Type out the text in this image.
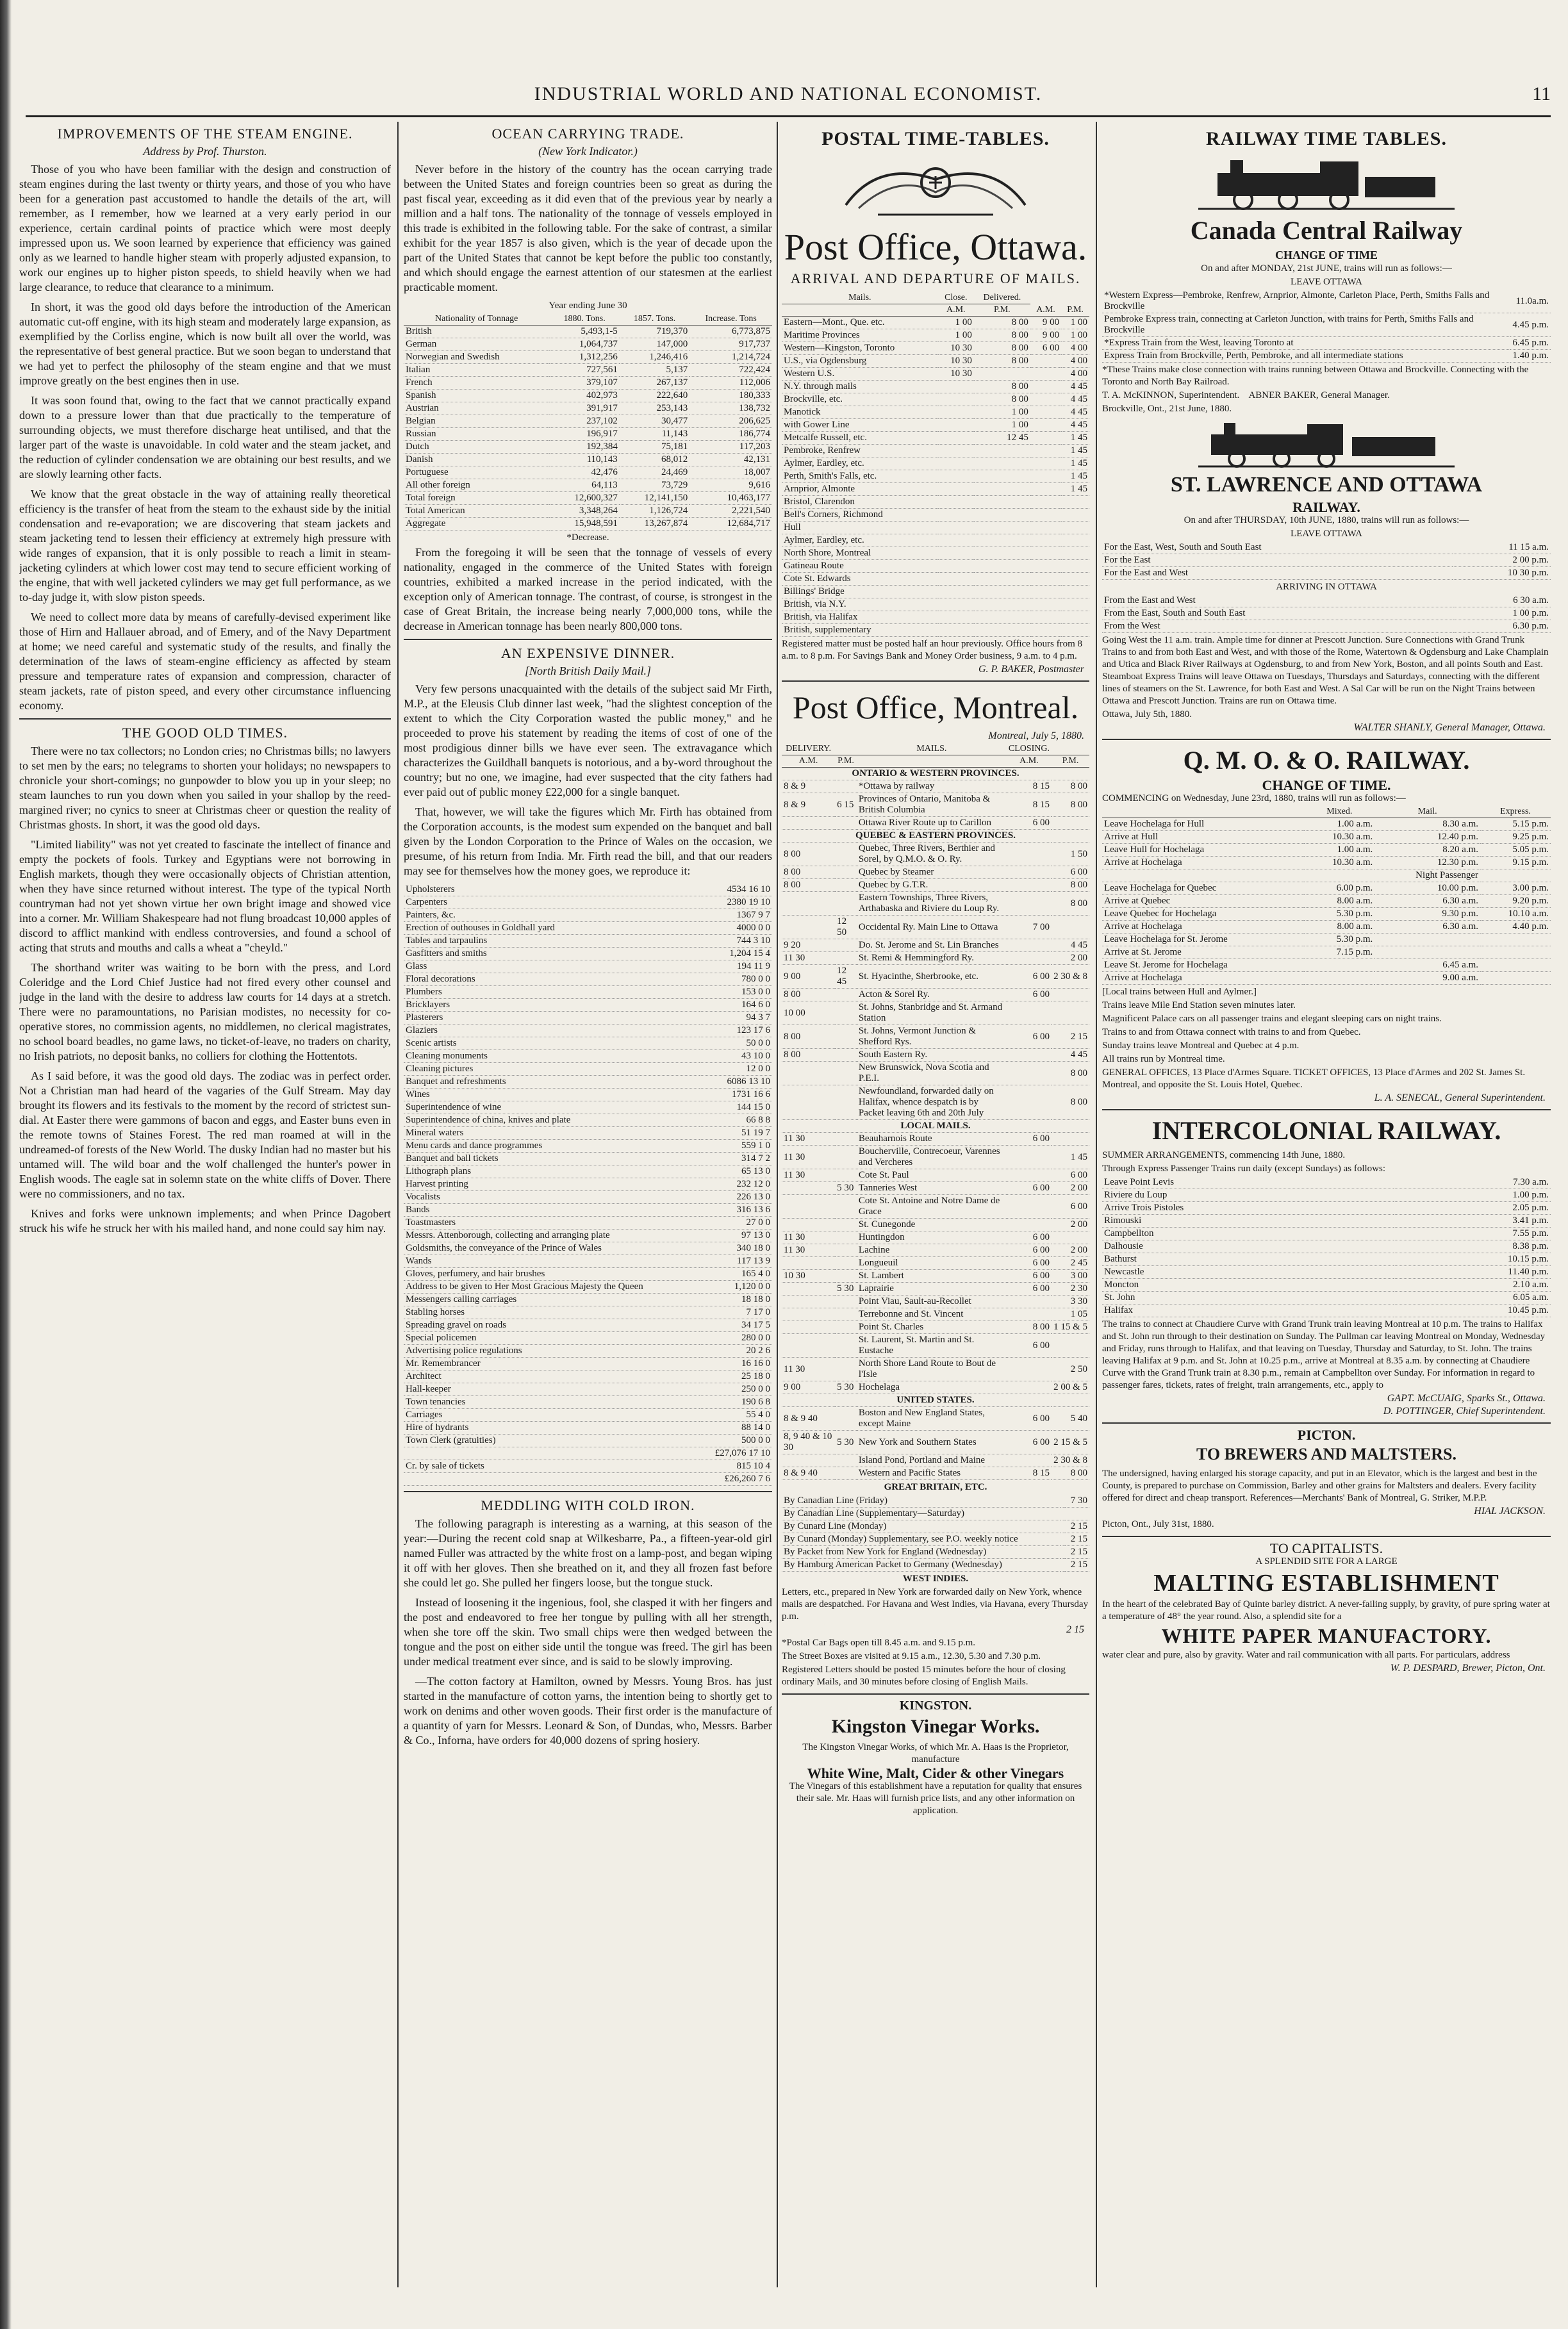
INDUSTRIAL WORLD AND NATIONAL ECONOMIST.	11
IMPROVEMENTS OF THE STEAM ENGINE.
Address by Prof. Thurston.

Those of you who have been familiar with the design and construction of steam engines during the last twenty or thirty years, and those of you who have been for a generation past accustomed to handle the details of the art, will remember, as I remember, how we learned at a very early period in our experience, certain cardinal points of practice which were most deeply impressed upon us. We soon learned by experience that efficiency was gained only as we learned to handle higher steam with properly adjusted expansion, to work our engines up to higher piston speeds, to shield heavily when we had large clearance, to reduce that clearance to a minimum.

In short, it was the good old days before the introduction of the American automatic cut-off engine, with its high steam and moderately large expansion, as exemplified by the Corliss engine, which is now built all over the world, was the representative of best general practice. But we soon began to understand that we had yet to perfect the philosophy of the steam engine and that we must improve greatly on the best engines then in use.

It was soon found that, owing to the fact that we cannot practically expand down to a pressure lower than that due practically to the temperature of surrounding objects, we must therefore discharge heat untilised, and that the larger part of the waste is unavoidable. In cold water and the steam jacket, and the reduction of cylinder condensation we are obtaining our best results, and we are slowly learning other facts.

We know that the great obstacle in the way of attaining really theoretical efficiency is the transfer of heat from the steam to the exhaust side by the initial condensation and re-evaporation; we are discovering that steam jackets and steam jacketing tend to lessen their efficiency at extremely high pressure with wide ranges of expansion, that it is only possible to reach a limit in steam-jacketing cylinders at which lower cost may tend to secure efficient working of the engine, that with well jacketed cylinders we may get full performance, as we to-day judge it, with slow piston speeds.

We need to collect more data by means of carefully-devised experiment like those of Hirn and Hallauer abroad, and of Emery, and of the Navy Department at home; we need careful and systematic study of the results, and finally the determination of the laws of steam-engine efficiency as affected by steam pressure and temperature rates of expansion and compression, character of steam jackets, rate of piston speed, and every other circumstance influencing economy.

THE GOOD OLD TIMES.

There were no tax collectors; no London cries; no Christmas bills; no lawyers to set men by the ears; no telegrams to shorten your holidays; no newspapers to chronicle your short-comings; no gunpowder to blow you up in your sleep; no steam launches to run you down when you sailed in your shallop by the reed-margined river; no cynics to sneer at Christmas cheer or question the reality of Christmas ghosts. In short, it was the good old days.

"Limited liability" was not yet created to fascinate the intellect of finance and empty the pockets of fools. Turkey and Egyptians were not borrowing in English markets, though they were occasionally objects of Christian attention, when they have since returned without interest. The type of the typical North countryman had not yet shown virtue her own bright image and showed vice into a corner. Mr. William Shakespeare had not flung broadcast 10,000 apples of discord to afflict mankind with endless controversies, and found a school of acting that struts and mouths and calls a wheat a "cheyld."

The shorthand writer was waiting to be born with the press, and Lord Coleridge and the Lord Chief Justice had not fired every other counsel and judge in the land with the desire to address law courts for 14 days at a stretch. There were no paramountations, no Parisian modistes, no necessity for co-operative stores, no commission agents, no middlemen, no clerical magistrates, no school board beadles, no game laws, no ticket-of-leave, no traders on charity, no Irish patriots, no deposit banks, no colliers for clothing the Hottentots.

As I said before, it was the good old days. The zodiac was in perfect order. Not a Christian man had heard of the vagaries of the Gulf Stream. May day brought its flowers and its festivals to the moment by the record of strictest sun-dial. At Easter there were gammons of bacon and eggs, and Easter buns even in the remote towns of Staines Forest. The red man roamed at will in the undreamed-of forests of the New World. The dusky Indian had no master but his untamed will. The wild boar and the wolf challenged the hunter's power in English woods. The eagle sat in solemn state on the white cliffs of Dover. There were no commissioners, and no tax.

Knives and forks were unknown implements; and when Prince Dagobert struck his wife he struck her with his mailed hand, and none could say him nay.

OCEAN CARRYING TRADE.
(New York Indicator.)

Never before in the history of the country has the ocean carrying trade between the United States and foreign countries been so great as during the past fiscal year, exceeding as it did even that of the previous year by nearly a million and a half tons. The nationality of the tonnage of vessels employed in this trade is exhibited in the following table. For the sake of contrast, a similar exhibit for the year 1857 is also given, which is the year of decade upon the part of the United States that cannot be kept before the public too constantly, and which should engage the earnest attention of our statesmen at the earliest practicable moment.

Year ending June 30
Nationality of Tonnage	1880. Tons.	1857. Tons.	Increase. Tons
British	5,493,1-5	719,370	6,773,875
German	1,064,737	147,000	917,737
Norwegian and Swedish	1,312,256	1,246,416	1,214,724
Italian	727,561	5,137	722,424
French	379,107	267,137	112,006
Spanish	402,973	222,640	180,333
Austrian	391,917	253,143	138,732
Belgian	237,102	30,477	206,625
Russian	196,917	11,143	186,774
Dutch	192,384	75,181	117,203
Danish	110,143	68,012	42,131
Portuguese	42,476	24,469	18,007
All other foreign	64,113	73,729	9,616
Total foreign	12,600,327	12,141,150	10,463,177
Total American	3,348,264	1,126,724	2,221,540
Aggregate	15,948,591	13,267,874	12,684,717
*Decrease.

From the foregoing it will be seen that the tonnage of vessels of every nationality, engaged in the commerce of the United States with foreign countries, exhibited a marked increase in the period indicated, with the exception only of American tonnage. The contrast, of course, is strongest in the case of Great Britain, the increase being nearly 7,000,000 tons, while the decrease in American tonnage has been nearly 800,000 tons.

AN EXPENSIVE DINNER.
[North British Daily Mail.]

Very few persons unacquainted with the details of the subject said Mr Firth, M.P., at the Eleusis Club dinner last week, "had the slightest conception of the extent to which the City Corporation wasted the public money," and he proceeded to prove his statement by reading the items of cost of one of the most prodigious dinner bills we have ever seen. The extravagance which characterizes the Guildhall banquets is notorious, and a by-word throughout the country; but no one, we imagine, had ever suspected that the city fathers had ever paid out of public money £22,000 for a single banquet.

That, however, we will take the figures which Mr. Firth has obtained from the Corporation accounts, is the modest sum expended on the banquet and ball given by the London Corporation to the Prince of Wales on the occasion, we presume, of his return from India. Mr. Firth read the bill, and that our readers may see for themselves how the money goes, we reproduce it:

Upholsterers	4534 16 10
Carpenters	2380 19 10
Painters, &c.	1367 9 7
Erection of outhouses in Goldhall yard	4000 0 0
Tables and tarpaulins	744 3 10
Gasfitters and smiths	1,204 15 4
Glass	194 11 9
Floral decorations	780 0 0
Plumbers	153 0 0
Bricklayers	164 6 0
Plasterers	94 3 7
Glaziers	123 17 6
Scenic artists	50 0 0
Cleaning monuments	43 10 0
Cleaning pictures	12 0 0
Banquet and refreshments	6086 13 10
Wines	1731 16 6
Superintendence of wine	144 15 0
Superintendence of china, knives and plate	66 8 8
Mineral waters	51 19 7
Menu cards and dance programmes	559 1 0
Banquet and ball tickets	314 7 2
Lithograph plans	65 13 0
Harvest printing	232 12 0
Vocalists	226 13 0
Bands	316 13 6
Toastmasters	27 0 0
Messrs. Attenborough, collecting and arranging plate	97 13 0
Goldsmiths, the conveyance of the Prince of Wales	340 18 0
Wands	117 13 9
Gloves, perfumery, and hair brushes	165 4 0
Address to be given to Her Most Gracious Majesty the Queen	1,120 0 0
Messengers calling carriages	18 18 0
Stabling horses	7 17 0
Spreading gravel on roads	34 17 5
Special policemen	280 0 0
Advertising police regulations	20 2 6
Mr. Remembrancer	16 16 0
Architect	25 18 0
Hall-keeper	250 0 0
Town tenancies	190 6 8
Carriages	55 4 0
Hire of hydrants	88 14 0
Town Clerk (gratuities)	500 0 0
	£27,076 17 10
Cr. by sale of tickets	815 10 4
	£26,260 7 6
MEDDLING WITH COLD IRON.

The following paragraph is interesting as a warning, at this season of the year:—During the recent cold snap at Wilkesbarre, Pa., a fifteen-year-old girl named Fuller was attracted by the white frost on a lamp-post, and began wiping it off with her gloves. Then she breathed on it, and they all frozen fast before she could let go. She pulled her fingers loose, but the tongue stuck.

Instead of loosening it the ingenious, fool, she clasped it with her fingers and the post and endeavored to free her tongue by pulling with all her strength, when she tore off the skin. Two small chips were then wedged between the tongue and the post on either side until the tongue was freed. The girl has been under medical treatment ever since, and is said to be slowly improving.

—The cotton factory at Hamilton, owned by Messrs. Young Bros. has just started in the manufacture of cotton yarns, the intention being to shortly get to work on denims and other woven goods. Their first order is the manufacture of a quantity of yarn for Messrs. Leonard & Son, of Dundas, who, Messrs. Barber & Co., Inforna, have orders for 40,000 dozens of spring hosiery.

POSTAL TIME-TABLES.
Post Office, Ottawa.
ARRIVAL AND DEPARTURE OF MAILS.
Mails.	Close.	Delivered.		
	A.M.	P.M.	A.M.	P.M.
Eastern—Mont., Que. etc.	1 00	8 00	9 00	1 00
Maritime Provinces	1 00	8 00	9 00	1 00
Western—Kingston, Toronto	10 30	8 00	6 00	4 00
U.S., via Ogdensburg	10 30	8 00		4 00
Western U.S.	10 30			4 00
N.Y. through mails		8 00		4 45
Brockville, etc.		8 00		4 45
Manotick		1 00		4 45
with Gower Line		1 00		4 45
Metcalfe Russell, etc.		12 45		1 45
Pembroke, Renfrew				1 45
Aylmer, Eardley, etc.				1 45
Perth, Smith's Falls, etc.				1 45
Arnprior, Almonte				1 45
Bristol, Clarendon				
Bell's Corners, Richmond				
Hull				
Aylmer, Eardley, etc.				
North Shore, Montreal				
Gatineau Route				
Cote St. Edwards				
Billings' Bridge				
British, via N.Y.				
British, via Halifax				
British, supplementary				
Registered matter must be posted half an hour previously. Office hours from 8 a.m. to 8 p.m. For Savings Bank and Money Order business, 9 a.m. to 4 p.m.
G. P. BAKER, Postmaster
Post Office, Montreal.
Montreal, July 5, 1880.
DELIVERY.		MAILS.	CLOSING.	
A.M.	P.M.		A.M.	P.M.
ONTARIO & WESTERN PROVINCES.				
8 & 9		*Ottawa by railway	8 15	8 00
8 & 9	6 15	Provinces of Ontario, Manitoba & British Columbia	8 15	8 00
		Ottawa River Route up to Carillon	6 00	
QUEBEC & EASTERN PROVINCES.				
8 00		Quebec, Three Rivers, Berthier and Sorel, by Q.M.O. & O. Ry.		1 50
8 00		Quebec by Steamer		6 00
8 00		Quebec by G.T.R.		8 00
		Eastern Townships, Three Rivers, Arthabaska and Riviere du Loup Ry.		8 00
	12 50	Occidental Ry. Main Line to Ottawa	7 00	
9 20		Do. St. Jerome and St. Lin Branches		4 45
11 30		St. Remi & Hemmingford Ry.		2 00
9 00	12 45	St. Hyacinthe, Sherbrooke, etc.	6 00	2 30 & 8
8 00		Acton & Sorel Ry.	6 00	
10 00		St. Johns, Stanbridge and St. Armand Station		
8 00		St. Johns, Vermont Junction & Shefford Rys.	6 00	2 15
8 00		South Eastern Ry.		4 45
		New Brunswick, Nova Scotia and P.E.I.		8 00
		Newfoundland, forwarded daily on Halifax, whence despatch is by Packet leaving 6th and 20th July		8 00
LOCAL MAILS.				
11 30		Beauharnois Route	6 00	
11 30		Boucherville, Contrecoeur, Varennes and Vercheres		1 45
11 30		Cote St. Paul		6 00
	5 30	Tanneries West	6 00	2 00
		Cote St. Antoine and Notre Dame de Grace		6 00
		St. Cunegonde		2 00
11 30		Huntingdon	6 00	
11 30		Lachine	6 00	2 00
		Longueuil	6 00	2 45
10 30		St. Lambert	6 00	3 00
	5 30	Laprairie	6 00	2 30
		Point Viau, Sault-au-Recollet		3 30
		Terrebonne and St. Vincent		1 05
		Point St. Charles	8 00	1 15 & 5
		St. Laurent, St. Martin and St. Eustache	6 00	
11 30		North Shore Land Route to Bout de l'Isle		2 50
9 00	5 30	Hochelaga		2 00 & 5
UNITED STATES.				
8 & 9 40		Boston and New England States, except Maine	6 00	5 40
8, 9 40 & 10 30	5 30	New York and Southern States	6 00	2 15 & 5
		Island Pond, Portland and Maine		2 30 & 8
8 & 9 40		Western and Pacific States	8 15	8 00
GREAT BRITAIN, ETC.
By Canadian Line (Friday)		7 30
By Canadian Line (Supplementary—Saturday)		
By Cunard Line (Monday)		2 15
By Cunard (Monday) Supplementary, see P.O. weekly notice		2 15
By Packet from New York for England (Wednesday)		2 15
By Hamburg American Packet to Germany (Wednesday)		2 15
WEST INDIES.
Letters, etc., prepared in New York are forwarded daily on New York, whence mails are despatched. For Havana and West Indies, via Havana, every Thursday p.m.
2 15
*Postal Car Bags open till 8.45 a.m. and 9.15 p.m.
The Street Boxes are visited at 9.15 a.m., 12.30, 5.30 and 7.30 p.m.
Registered Letters should be posted 15 minutes before the hour of closing ordinary Mails, and 30 minutes before closing of English Mails.
KINGSTON.
Kingston Vinegar Works.
The Kingston Vinegar Works, of which Mr. A. Haas is the Proprietor, manufacture
White Wine, Malt, Cider & other Vinegars
The Vinegars of this establishment have a reputation for quality that ensures their sale. Mr. Haas will furnish price lists, and any other information on application.
RAILWAY TIME TABLES.
Canada Central Railway
CHANGE OF TIME
On and after MONDAY, 21st JUNE, trains will run as follows:—
LEAVE OTTAWA
*Western Express—Pembroke, Renfrew, Arnprior, Almonte, Carleton Place, Perth, Smiths Falls and Brockville	11.0a.m.
Pembroke Express train, connecting at Carleton Junction, with trains for Perth, Smiths Falls and Brockville	4.45 p.m.
*Express Train from the West, leaving Toronto at	6.45 p.m.
Express Train from Brockville, Perth, Pembroke, and all intermediate stations	1.40 p.m.
*These Trains make close connection with trains running between Ottawa and Brockville. Connecting with the Toronto and North Bay Railroad.
T. A. McKINNON, Superintendent. ABNER BAKER, General Manager.
Brockville, Ont., 21st June, 1880.
ST. LAWRENCE AND OTTAWA
RAILWAY.
On and after THURSDAY, 10th JUNE, 1880, trains will run as follows:—
LEAVE OTTAWA
For the East, West, South and South East	11 15 a.m.
For the East	2 00 p.m.
For the East and West	10 30 p.m.
ARRIVING IN OTTAWA
From the East and West	6 30 a.m.
From the East, South and South East	1 00 p.m.
From the West	6.30 p.m.
Going West the 11 a.m. train. Ample time for dinner at Prescott Junction. Sure Connections with Grand Trunk Trains to and from both East and West, and with those of the Rome, Watertown & Ogdensburg and Lake Champlain and Utica and Black River Railways at Ogdensburg, to and from New York, Boston, and all points South and East. Steamboat Express Trains will leave Ottawa on Tuesdays, Thursdays and Saturdays, connecting with the different lines of steamers on the St. Lawrence, for both East and West. A Sal Car will be run on the Night Trains between Ottawa and Prescott Junction. Trains are run on Ottawa time.
Ottawa, July 5th, 1880.
WALTER SHANLY, General Manager, Ottawa.
Q. M. O. & O. RAILWAY.
CHANGE OF TIME.
COMMENCING on Wednesday, June 23rd, 1880, trains will run as follows:—
	Mixed.	Mail.	Express.
Leave Hochelaga for Hull	1.00 a.m.	8.30 a.m.	5.15 p.m.
Arrive at Hull	10.30 a.m.	12.40 p.m.	9.25 p.m.
Leave Hull for Hochelaga	1.00 a.m.	8.20 a.m.	5.05 p.m.
Arrive at Hochelaga	10.30 a.m.	12.30 p.m.	9.15 p.m.
		Night Passenger	
Leave Hochelaga for Quebec	6.00 p.m.	10.00 p.m.	3.00 p.m.
Arrive at Quebec	8.00 a.m.	6.30 a.m.	9.20 p.m.
Leave Quebec for Hochelaga	5.30 p.m.	9.30 p.m.	10.10 a.m.
Arrive at Hochelaga	8.00 a.m.	6.30 a.m.	4.40 p.m.
Leave Hochelaga for St. Jerome	5.30 p.m.		
Arrive at St. Jerome	7.15 p.m.		
Leave St. Jerome for Hochelaga		6.45 a.m.	
Arrive at Hochelaga		9.00 a.m.	
[Local trains between Hull and Aylmer.]
Trains leave Mile End Station seven minutes later.
Magnificent Palace cars on all passenger trains and elegant sleeping cars on night trains.
Trains to and from Ottawa connect with trains to and from Quebec.
Sunday trains leave Montreal and Quebec at 4 p.m.
All trains run by Montreal time.
GENERAL OFFICES, 13 Place d'Armes Square. TICKET OFFICES, 13 Place d'Armes and 202 St. James St. Montreal, and opposite the St. Louis Hotel, Quebec.
L. A. SENECAL, General Superintendent.
INTERCOLONIAL RAILWAY.
SUMMER ARRANGEMENTS, commencing 14th June, 1880.
Through Express Passenger Trains run daily (except Sundays) as follows:
Leave Point Levis	7.30 a.m.
Riviere du Loup	1.00 p.m.
Arrive Trois Pistoles	2.05 p.m.
Rimouski	3.41 p.m.
Campbellton	7.55 p.m.
Dalhousie	8.38 p.m.
Bathurst	10.15 p.m.
Newcastle	11.40 p.m.
Moncton	2.10 a.m.
St. John	6.05 a.m.
Halifax	10.45 p.m.
The trains to connect at Chaudiere Curve with Grand Trunk train leaving Montreal at 10 p.m. The trains to Halifax and St. John run through to their destination on Sunday. The Pullman car leaving Montreal on Monday, Wednesday and Friday, runs through to Halifax, and that leaving on Tuesday, Thursday and Saturday, to St. John. The trains leaving Halifax at 9 p.m. and St. John at 10.25 p.m., arrive at Montreal at 8.35 a.m. by connecting at Chaudiere Curve with the Grand Trunk train at 8.30 p.m., remain at Campbellton over Sunday. For information in regard to passenger fares, tickets, rates of freight, train arrangements, etc., apply to
GAPT. McCUAIG, Sparks St., Ottawa.
D. POTTINGER, Chief Superintendent.
PICTON.
TO BREWERS AND MALTSTERS.
The undersigned, having enlarged his storage capacity, and put in an Elevator, which is the largest and best in the County, is prepared to purchase on Commission, Barley and other grains for Maltsters and dealers. Every facility offered for direct and cheap transport. References—Merchants' Bank of Montreal, G. Striker, M.P.P.
HIAL JACKSON.
Picton, Ont., July 31st, 1880.
TO CAPITALISTS.
A SPLENDID SITE FOR A LARGE
MALTING ESTABLISHMENT
In the heart of the celebrated Bay of Quinte barley district. A never-failing supply, by gravity, of pure spring water at a temperature of 48° the year round. Also, a splendid site for a
WHITE PAPER MANUFACTORY.
water clear and pure, also by gravity. Water and rail communication with all parts. For particulars, address
W. P. DESPARD, Brewer, Picton, Ont.
